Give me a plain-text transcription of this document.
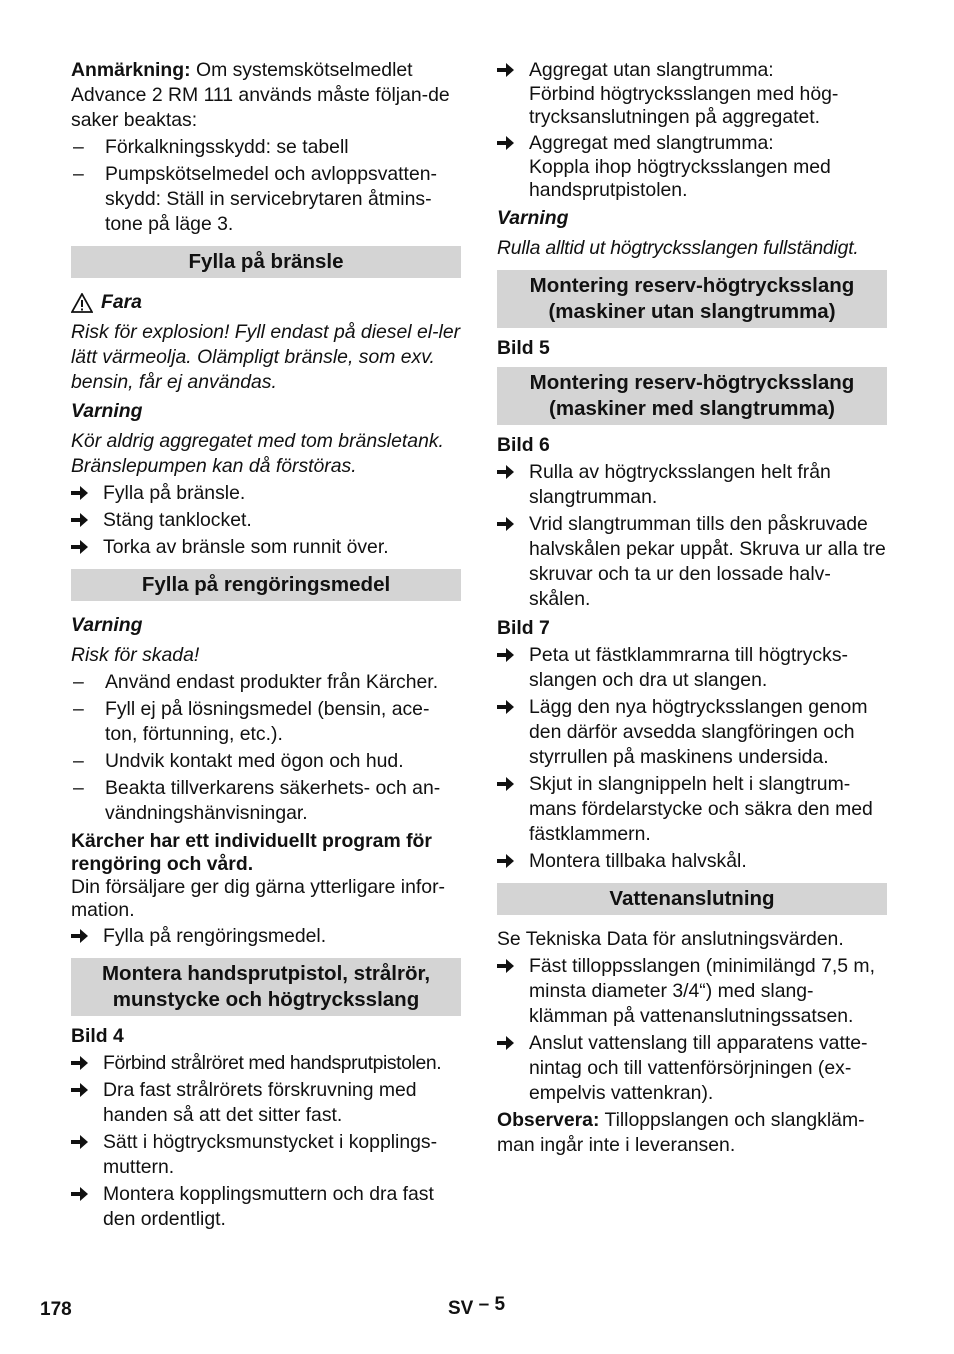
Anmärkning: Om systemskötselmedlet Advance 2 RM 111 används måste följan-de saker beaktas:

–	Förkalkningsskydd: se tabell
–	Pumpskötselmedel och avloppsvatten-skydd: Ställ in servicebrytaren åtmins-tone på läge 3.
Fylla på bränsle
Fara

Risk för explosion! Fyll endast på diesel el-ler lätt värmeolja. Olämpligt bränsle, som exv. bensin, får ej användas.

Varning

Kör aldrig aggregatet med tom bränsletank. Bränslepumpen kan då förstöras.

Fylla på bränsle.
Stäng tanklocket.
Torka av bränsle som runnit över.
Fylla på rengöringsmedel

Varning

Risk för skada!

–	Använd endast produkter från Kärcher.
–	Fyll ej på lösningsmedel (bensin, ace-ton, förtunning, etc.).
–	Undvik kontakt med ögon och hud.
–	Beakta tillverkarens säkerhets- och an-vändningshänvisningar.

Kärcher har ett individuellt program för rengöring och vård.

Din försäljare ger dig gärna ytterligare infor-mation.

Fylla på rengöringsmedel.
Montera handsprutpistol, strålrör, munstycke och högtrycksslang

Bild 4

Förbind strålröret med handsprutpistolen.
Dra fast strålrörets förskruvning med handen så att det sitter fast.
Sätt i högtrycksmunstycket i kopplings-muttern.
Montera kopplingsmuttern och dra fast den ordentligt.
Aggregat utan slangtrumma:

Förbind högtrycksslangen med hög-trycksanslutningen på aggregatet.
Aggregat med slangtrumma:

Koppla ihop högtrycksslangen med handsprutpistolen.

Varning

Rulla alltid ut högtrycksslangen fullständigt.

Montering reserv-högtrycksslang (maskiner utan slangtrumma)

Bild 5

Montering reserv-högtrycksslang (maskiner med slangtrumma)

Bild 6

Rulla av högtrycksslangen helt från slangtrumman.
Vrid slangtrumman tills den påskruvade halvskålen pekar uppåt. Skruva ur alla tre skruvar och ta ur den lossade halv-skålen.

Bild 7

Peta ut fästklammrarna till högtrycks-slangen och dra ut slangen.
Lägg den nya högtrycksslangen genom den därför avsedda slangföringen och styrrullen på maskinens undersida.
Skjut in slangnippeln helt i slangtrum-mans fördelarstycke och säkra den med fästklammern.
Montera tillbaka halvskål.
Vattenanslutning

Se Tekniska Data för anslutningsvärden.

Fäst tilloppsslangen (minimilängd 7,5 m, minsta diameter 3/4“) med slang-klämman på vattenanslutningssatsen.
Anslut vattenslang till apparatens vatte-nintag och till vattenförsörjningen (ex-empelvis vattenkran).

Observera: Tilloppslangen och slangkläm-man ingår inte i leveransen.

178	SV – 5
